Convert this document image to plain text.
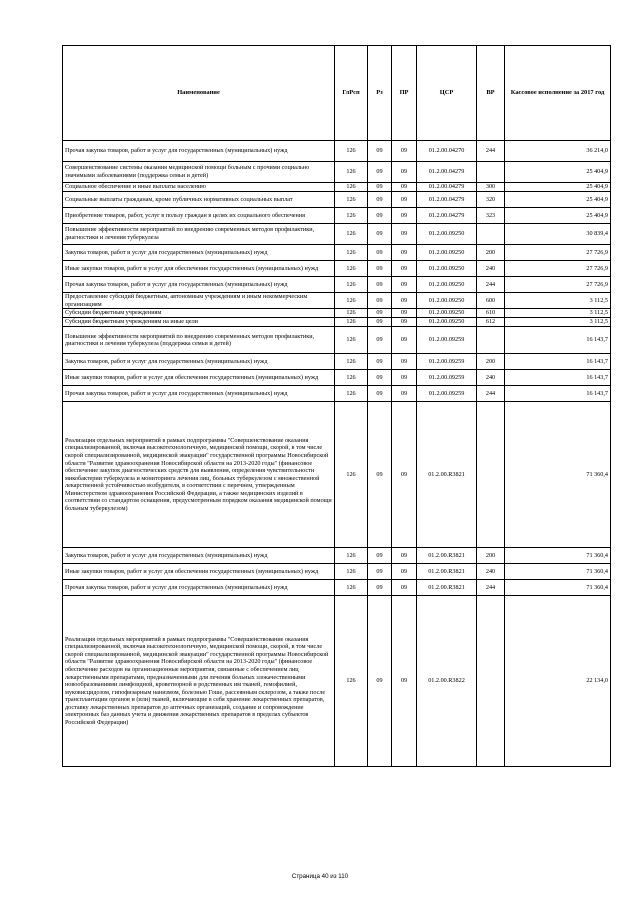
Наименование	ГлРсп	Рз	ПР	ЦСР	ВР	Кассовое исполнение за 2017 год
Прочая закупка товаров, работ и услуг для государственных (муниципальных) нужд	126	09	09	01.2.00.04270	244	36 214,0
Совершенствование системы оказания медицинской помощи больным с прочими социально значимыми заболеваниями (поддержка семьи и детей)	126	09	09	01.2.00.04279		25 404,9
Социальное обеспечение и иные выплаты населению	126	09	09	01.2.00.04279	300	25 404,9
Социальные выплаты гражданам, кроме публичных нормативных социальных выплат	126	09	09	01.2.00.04279	320	25 404,9
Приобретение товаров, работ, услуг в пользу граждан в целях их социального обеспечения	126	09	09	01.2.00.04279	323	25 404,9
Повышение эффективности мероприятий по внедрению современных методов профилактики, диагностики и лечения туберкулеза	126	09	09	01.2.00.09250		30 839,4
Закупка товаров, работ и услуг для государственных (муниципальных) нужд	126	09	09	01.2.00.09250	200	27 726,9
Иные закупки товаров, работ и услуг для обеспечения государственных (муниципальных) нужд	126	09	09	01.2.00.09250	240	27 726,9
Прочая закупка товаров, работ и услуг для государственных (муниципальных) нужд	126	09	09	01.2.00.09250	244	27 726,9
Предоставление субсидий бюджетным, автономным учреждениям и иным некоммерческим организациям	126	09	09	01.2.00.09250	600	3 112,5
Субсидии бюджетным учреждениям	126	09	09	01.2.00.09250	610	3 112,5
Субсидии бюджетным учреждениям на иные цели	126	09	09	01.2.00.09250	612	3 112,5
Повышение эффективности мероприятий по внедрению современных методов профилактики, диагностики и лечения туберкулеза (поддержка семьи и детей)	126	09	09	01.2.00.09259		16 143,7
Закупка товаров, работ и услуг для государственных (муниципальных) нужд	126	09	09	01.2.00.09259	200	16 143,7
Иные закупки товаров, работ и услуг для обеспечения государственных (муниципальных) нужд	126	09	09	01.2.00.09259	240	16 143,7
Прочая закупка товаров, работ и услуг для государственных (муниципальных) нужд	126	09	09	01.2.00.09259	244	16 143,7
Реализация отдельных мероприятий в рамках подпрограммы "Совершенствование оказания специализированной, включая высокотехнологичную, медицинской помощи, скорой, в том числе скорой специализированной, медицинской эвакуации" государственной программы Новосибирской области "Развитие здравоохранения Новосибирской области на 2013-2020 годы" (финансовое обеспечение закупок диагностических средств для выявления, определения чувствительности микобактерии туберкулеза и мониторинга лечения лиц, больных туберкулезом с множественной лекарственной устойчивостью возбудителя, в соответствии с перечнем, утвержденным Министерством здравоохранения Российской Федерации, а также медицинских изделий в соответствии со стандартом оснащения, предусмотренным порядком оказания медицинской помощи больным туберкулезом)	126	09	09	01.2.00.R3821		71 360,4
Закупка товаров, работ и услуг для государственных (муниципальных) нужд	126	09	09	01.2.00.R3821	200	71 360,4
Иные закупки товаров, работ и услуг для обеспечения государственных (муниципальных) нужд	126	09	09	01.2.00.R3821	240	71 360,4
Прочая закупка товаров, работ и услуг для государственных (муниципальных) нужд	126	09	09	01.2.00.R3821	244	71 360,4
Реализация отдельных мероприятий в рамках подпрограммы "Совершенствование оказания специализированной, включая высокотехнологичную, медицинской помощи, скорой, в том числе скорой специализированной, медицинской эвакуации" государственной программы Новосибирской области "Развитие здравоохранения Новосибирской области на 2013-2020 годы" (финансовое обеспечение расходов на организационные мероприятия, связанные с обеспечением лиц лекарственными препаратами, предназначенными для лечения больных злокачественными новообразованиями лимфоидной, кроветворной и родственных им тканей, гемофилией, муковисцидозом, гипофизарным нанизмом, болезнью Гоше, рассеянным склерозом, а также после трансплантации органов и (или) тканей, включающие в себя хранение лекарственных препаратов, доставку лекарственных препаратов до аптечных организаций, создание и сопровождение электронных баз данных учета и движения лекарственных препаратов в пределах субъектов Российской Федерации)	126	09	09	01.2.00.R3822		22 134,0
Страница 40 из 110
